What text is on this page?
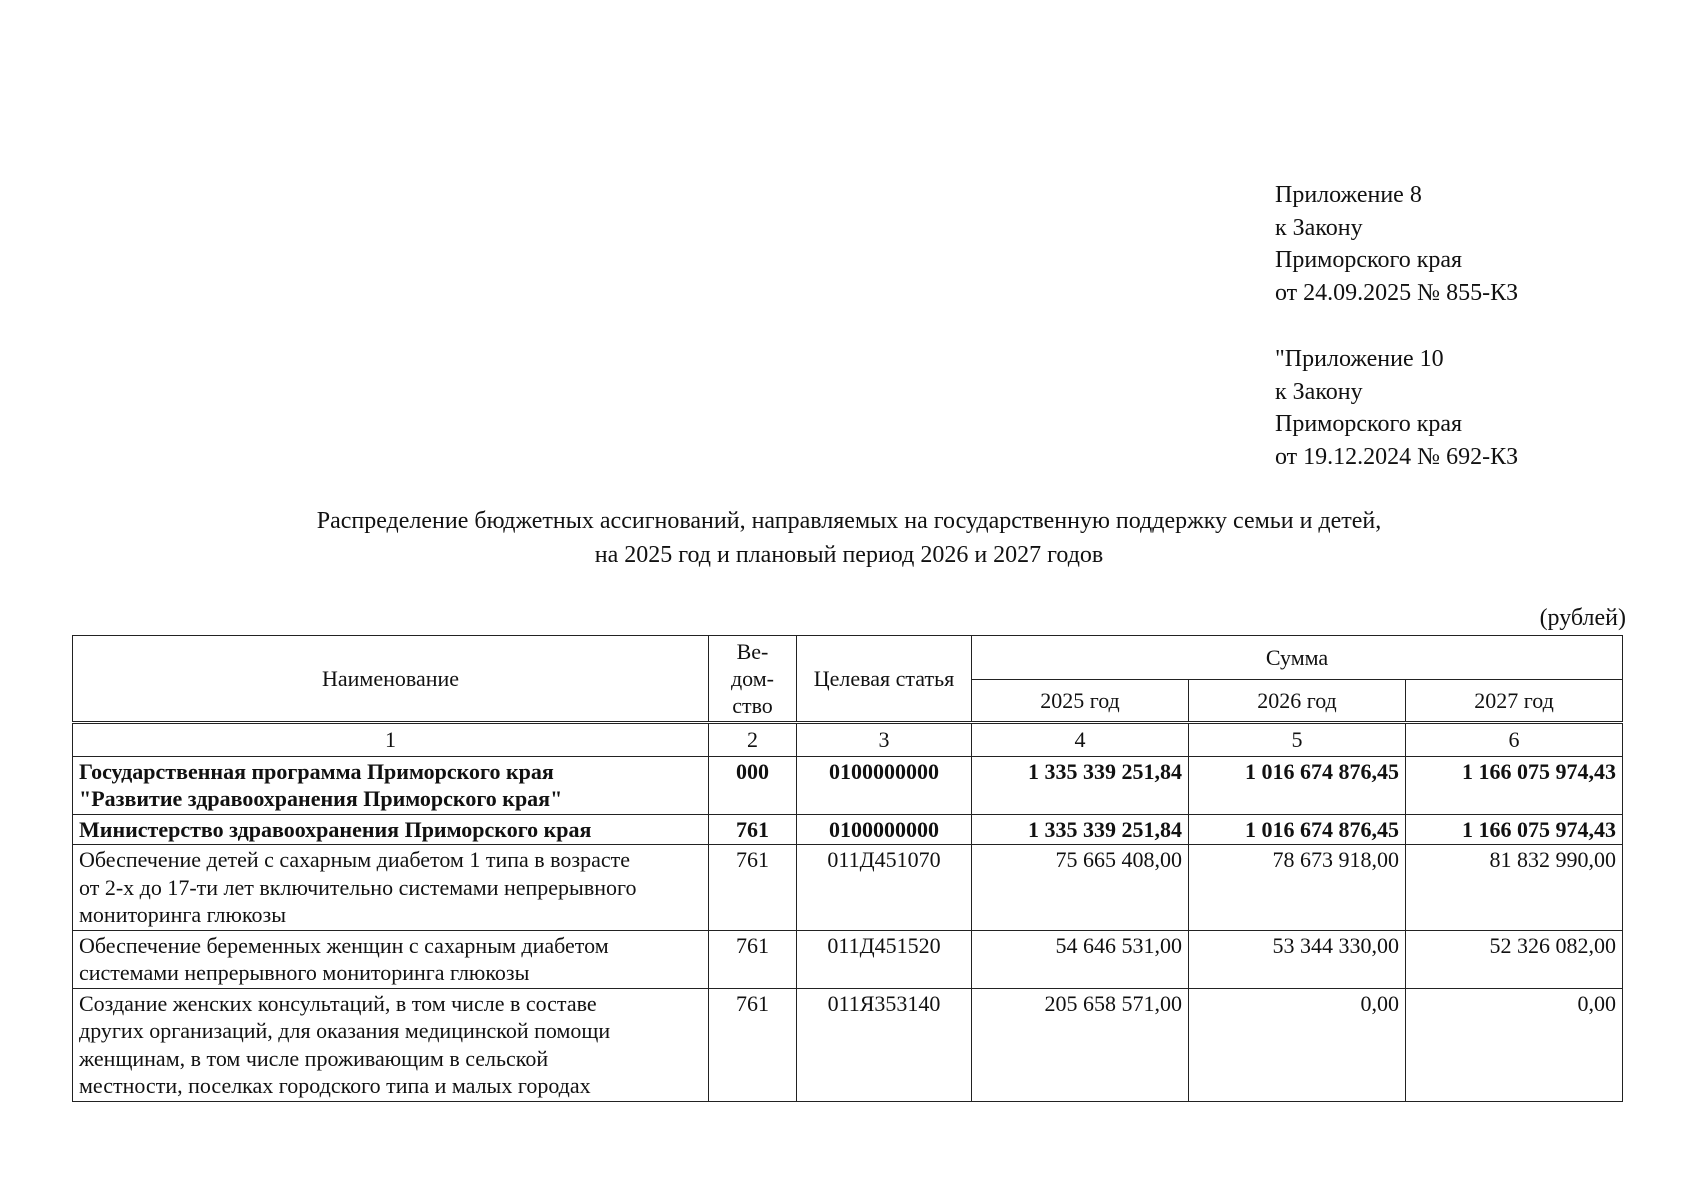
Приложение 8
к Закону
Приморского края
от 24.09.2025 № 855-КЗ
"Приложение 10
к Закону
Приморского края
от 19.12.2024 № 692-КЗ
Распределение бюджетных ассигнований, направляемых на государственную поддержку семьи и детей,
на 2025 год и плановый период 2026 и 2027 годов
(рублей)
Наименование	Ве-
дом-
ство	Целевая статья	Сумма		
			2025 год	2026 год	2027 год
1	2	3	4	5	6

Государственная программа Приморского края
"Развитие здравоохранения Приморского края"	000	0100000000	1 335 339 251,84	1 016 674 876,45	1 166 075 974,43

Министерство здравоохранения Приморского края	761	0100000000	1 335 339 251,84	1 016 674 876,45	1 166 075 974,43

Обеспечение детей с сахарным диабетом 1 типа в возрасте
от 2-х до 17-ти лет включительно системами непрерывного
мониторинга глюкозы	761	011Д451070	75 665 408,00	78 673 918,00	81 832 990,00

Обеспечение беременных женщин с сахарным диабетом
системами непрерывного мониторинга глюкозы	761	011Д451520	54 646 531,00	53 344 330,00	52 326 082,00

Создание женских консультаций, в том числе в составе
других организаций, для оказания медицинской помощи
женщинам, в том числе проживающим в сельской
местности, поселках городского типа и малых городах	761	011Я353140	205 658 571,00	0,00	0,00
